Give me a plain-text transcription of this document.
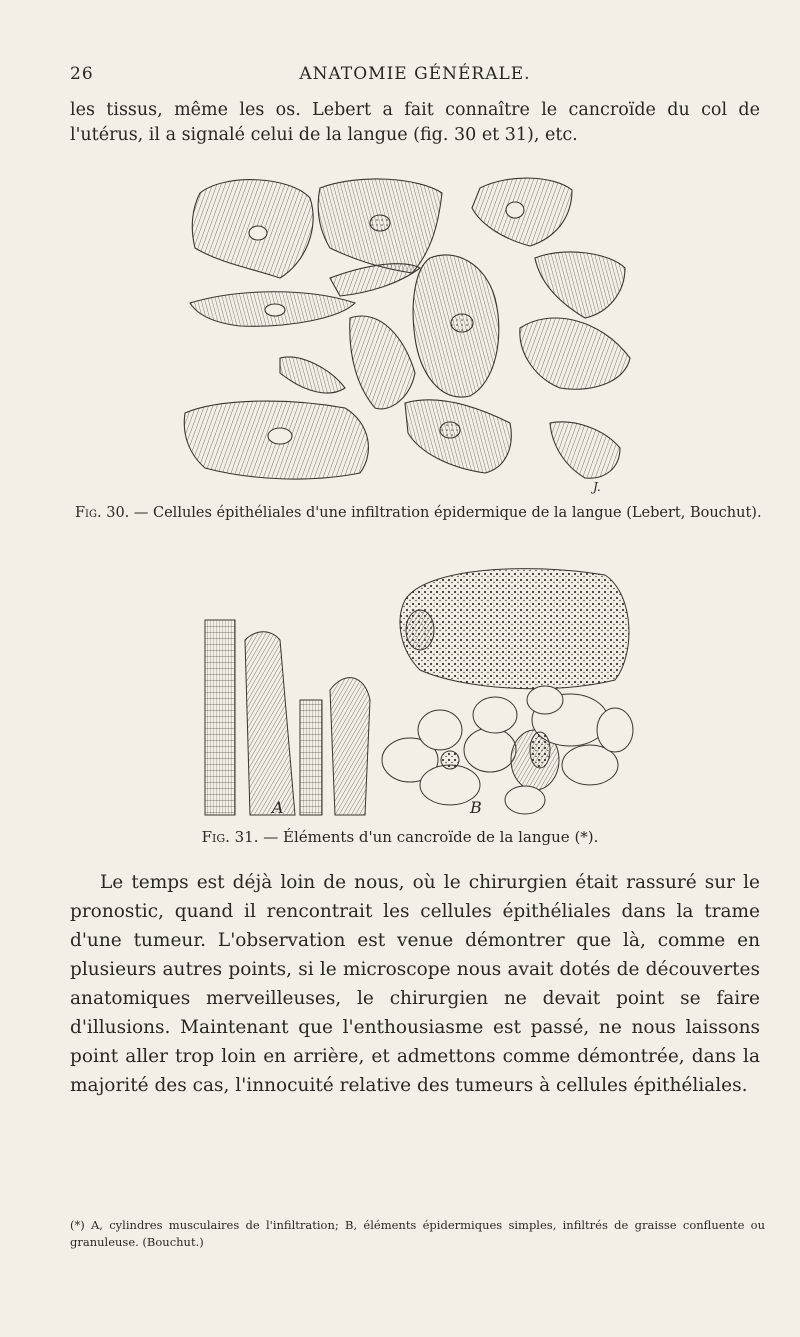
26	ANATOMIE GÉNÉRALE.

les tissus, même les os. Lebert a fait connaître le cancroïde du col de l'utérus, il a signalé celui de la langue (fig. 30 et 31), etc.

J.
Fig. 30. — Cellules épithéliales d'une infiltration épidermique de la langue (Lebert, Bouchut).
A	B
Fig. 31. — Éléments d'un cancroïde de la langue (*).

Le temps est déjà loin de nous, où le chirurgien était rassuré sur le pronostic, quand il rencontrait les cellules épithéliales dans la trame d'une tumeur. L'observation est venue démontrer que là, comme en plusieurs autres points, si le microscope nous avait dotés de découvertes anatomiques merveilleuses, le chirurgien ne devait point se faire d'illusions. Maintenant que l'enthousiasme est passé, ne nous laissons point aller trop loin en arrière, et admettons comme démontrée, dans la majorité des cas, l'innocuité relative des tumeurs à cellules épithéliales.

(*) A, cylindres musculaires de l'infiltration; B, éléments épidermiques simples, infiltrés de graisse confluente ou granuleuse. (Bouchut.)
